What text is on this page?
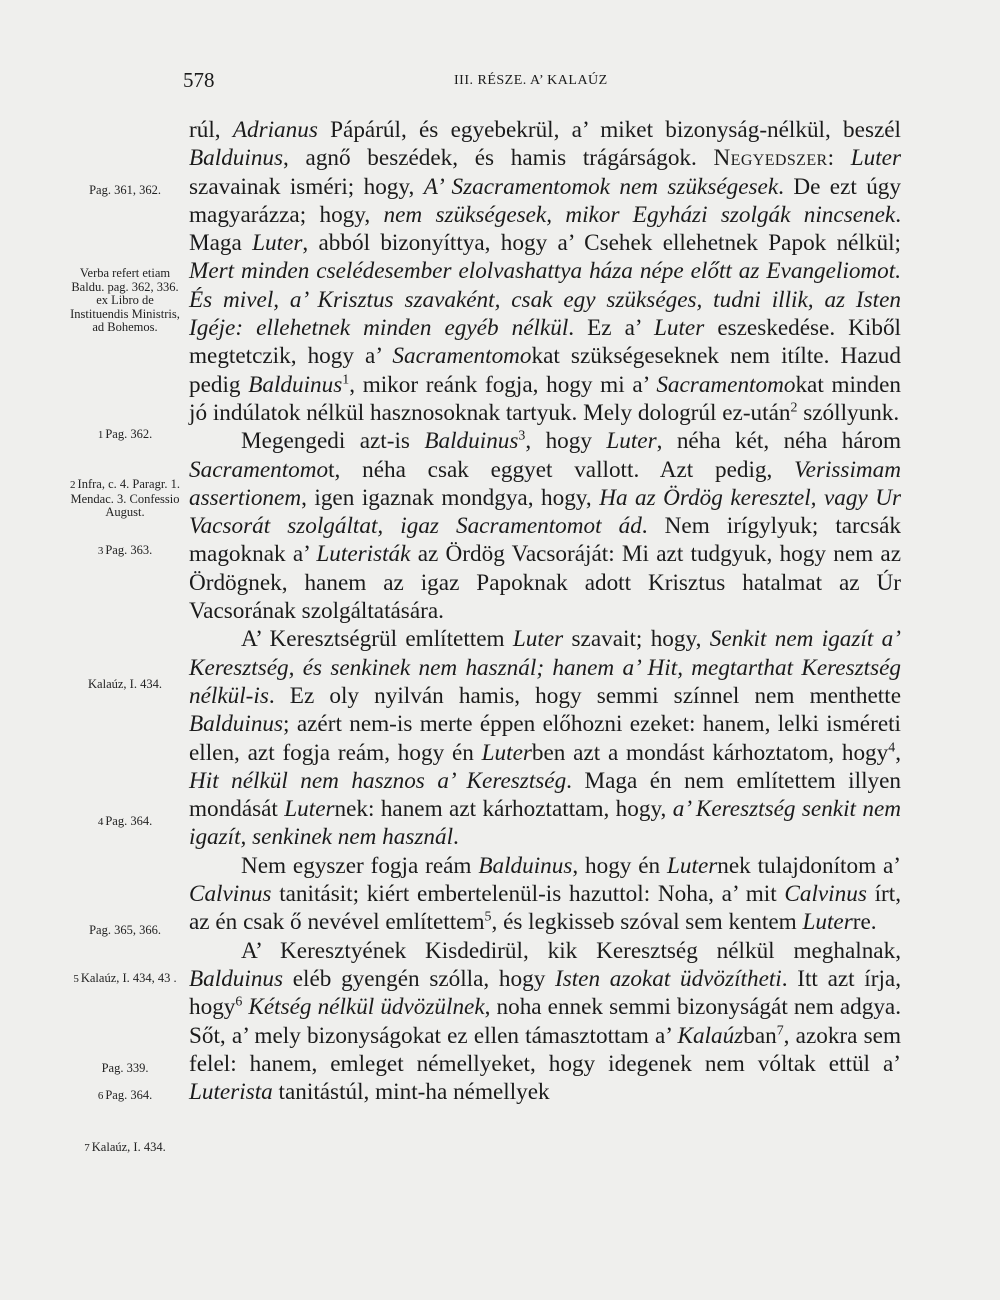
578	III. RÉSZE. A’ KALAÚZ
Pag. 361, 362.
Verba refert etiam Baldu. pag. 362, 336. ex Libro de Instituendis Ministris, ad Bohemos.
1 Pag. 362.
2 Infra, c. 4. Paragr. 1. Mendac. 3. Confessio August.
3 Pag. 363.
Kalaúz, I. 434.
4 Pag. 364.
Pag. 365, 366.
5 Kalaúz, I. 434, 43 .
Pag. 339.
6 Pag. 364.
7 Kalaúz, I. 434.

rúl, Adrianus Pápárúl, és egyebekrül, a’ miket bizonyság-nélkül, beszél Balduinus, agnő beszédek, és hamis trágárságok. Negyedszer: Luter szavainak isméri; hogy, A’ Szacramentomok nem szükségesek. De ezt úgy magyarázza; hogy, nem szükségesek, mikor Egyházi szolgák nincsenek. Maga Luter, abból bizonyíttya, hogy a’ Csehek ellehetnek Papok nélkül; Mert minden cselédesember elolvashattya háza népe előtt az Evangeliomot. És mivel, a’ Krisztus szavaként, csak egy szükséges, tudni illik, az Isten Igéje: ellehetnek minden egyéb nélkül. Ez a’ Luter eszeskedése. Kiből megtetczik, hogy a’ Sacramentomokat szükségeseknek nem itílte. Hazud pedig Balduinus$^1$, mikor reánk fogja, hogy mi a’ Sacramentomokat minden jó indúlatok nélkül hasznosoknak tartyuk. Mely dologrúl ez-után$^2$ szóllyunk.

Megengedi azt-is Balduinus$^3$, hogy Luter, néha két, néha három Sacramentomot, néha csak eggyet vallott. Azt pedig, Verissimam assertionem, igen igaznak mondgya, hogy, Ha az Ördög keresztel, vagy Ur Vacsorát szolgáltat, igaz Sacramentomot ád. Nem irígylyuk; tarcsák magoknak a’ Luteristák az Ördög Vacsoráját: Mi azt tudgyuk, hogy nem az Ördögnek, hanem az igaz Papoknak adott Krisztus hatalmat az Úr Vacsorának szolgáltatására.

A’ Keresztségrül említettem Luter szavait; hogy, Senkit nem igazít a’ Keresztség, és senkinek nem használ; hanem a’ Hit, megtarthat Keresztség nélkül-is. Ez oly nyilván hamis, hogy semmi színnel nem menthette Balduinus; azért nem-is merte éppen előhozni ezeket: hanem, lelki isméreti ellen, azt fogja reám, hogy én Luterben azt a mondást kárhoztatom, hogy$^4$, Hit nélkül nem hasznos a’ Keresztség. Maga én nem említettem illyen mondását Luternek: hanem azt kárhoztattam, hogy, a’ Keresztség senkit nem igazít, senkinek nem használ.

Nem egyszer fogja reám Balduinus, hogy én Luternek tulajdonítom a’ Calvinus tanitásit; kiért embertelenül-is hazuttol: Noha, a’ mit Calvinus írt, az én csak ő nevével említettem$^5$, és legkisseb szóval sem kentem Luterre.

A’ Keresztyének Kisdedirül, kik Keresztség nélkül meghalnak, Balduinus eléb gyengén szólla, hogy Isten azokat üdvözítheti. Itt azt írja, hogy$^6$ Kétség nélkül üdvözülnek, noha ennek semmi bizonyságát nem adgya. Sőt, a’ mely bizonyságokat ez ellen támasztottam a’ Kalaúzban$^7$, azokra sem felel: hanem, emleget némellyeket, hogy idegenek nem vóltak ettül a’ Luterista tanitástúl, mint-ha némellyek
